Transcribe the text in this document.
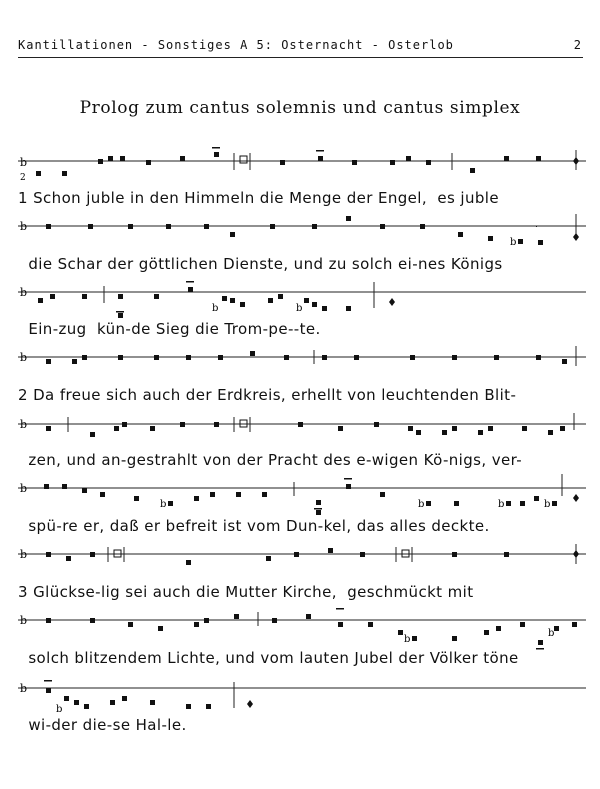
Kantillationen - Sonstiges A 5: Osternacht - Osterlob	2
Prolog zum cantus solemnis und cantus simplex
b
2
b
b
b
b	b
b
b
b
b	b	b	b
b
b
b
b
b
b
1 Schon juble in den Himmeln die Menge der Engel,  es juble
die Schar der göttlichen Dienste, und zu solch ei-nes Königs
Ein-zug  kün-de Sieg die Trom-pe--te.
2 Da freue sich auch der Erdkreis, erhellt von leuchtenden Blit-
zen, und an-gestrahlt von der Pracht des e-wigen Kö-nigs, ver-
spü-re er, daß er befreit ist vom Dun-kel, das alles deckte.
3 Glückse-lig sei auch die Mutter Kirche,  geschmückt mit
solch blitzendem Lichte, und vom lauten Jubel der Völker töne
wi-der die-se Hal-le.
